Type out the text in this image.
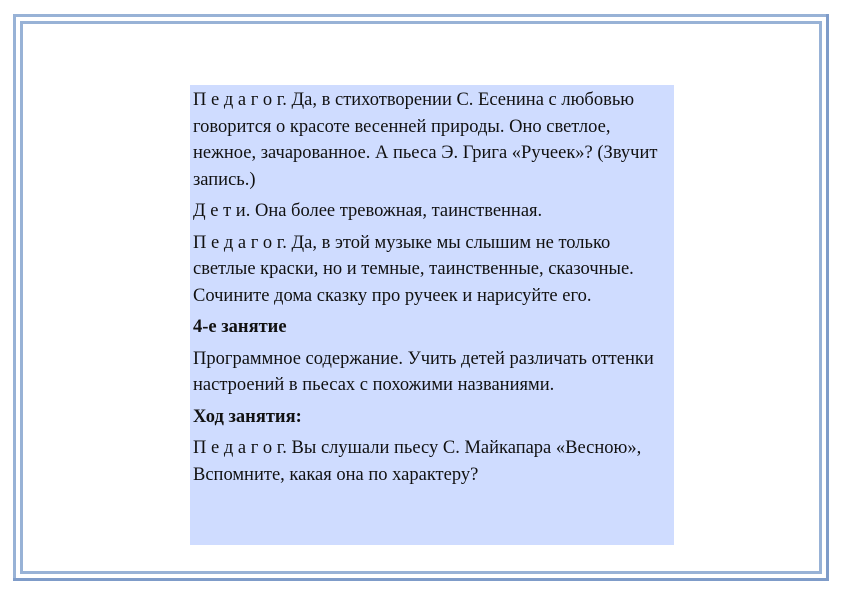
П е д а г о г. Да, в стихотворении С. Есенина с любовью говорится о красоте весенней природы. Оно светлое, нежное, зачарованное. А пьеса Э. Грига «Ручеек»? (Звучит запись.)

Д е т и. Она более тревожная, таинственная.

П е д а г о г. Да, в этой музыке мы слышим не только светлые краски, но и темные, таинственные, сказочные. Сочините дома сказку про ручеек и нарисуйте его.

4-е занятие

Программное содержание. Учить детей различать оттенки настроений в пьесах с похожими названиями.

Ход занятия:

П е д а г о г. Вы слушали пьесу С. Майкапара «Весною», Вспомните, какая она по характеру?
